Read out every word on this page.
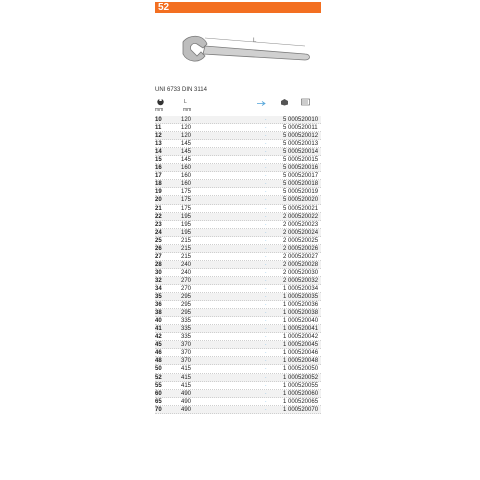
52
L
UNI 6733 DIN 3114
mm
L
mm
10	120	·	5 000520010
11	120	·	5 000520011
12	120	·	5 000520012
13	145	·	5 000520013
14	145	·	5 000520014
15	145	·	5 000520015
16	160	·	5 000520016
17	160	·	5 000520017
18	160	·	5 000520018
19	175	·	5 000520019
20	175	·	5 000520020
21	175	·	5 000520021
22	195	·	2 000520022
23	195	·	2 000520023
24	195	·	2 000520024
25	215	·	2 000520025
26	215	·	2 000520026
27	215	·	2 000520027
28	240	·	2 000520028
30	240	·	2 000520030
32	270	·	2 000520032
34	270	·	1 000520034
35	295	·	1 000520035
36	295	·	1 000520036
38	295	·	1 000520038
40	335	·	1 000520040
41	335	·	1 000520041
42	335	·	1 000520042
45	370	·	1 000520045
46	370	·	1 000520046
48	370	·	1 000520048
50	415	·	1 000520050
52	415	·	1 000520052
55	415	·	1 000520055
60	490	·	1 000520060
65	490	·	1 000520065
70	490	·	1 000520070
